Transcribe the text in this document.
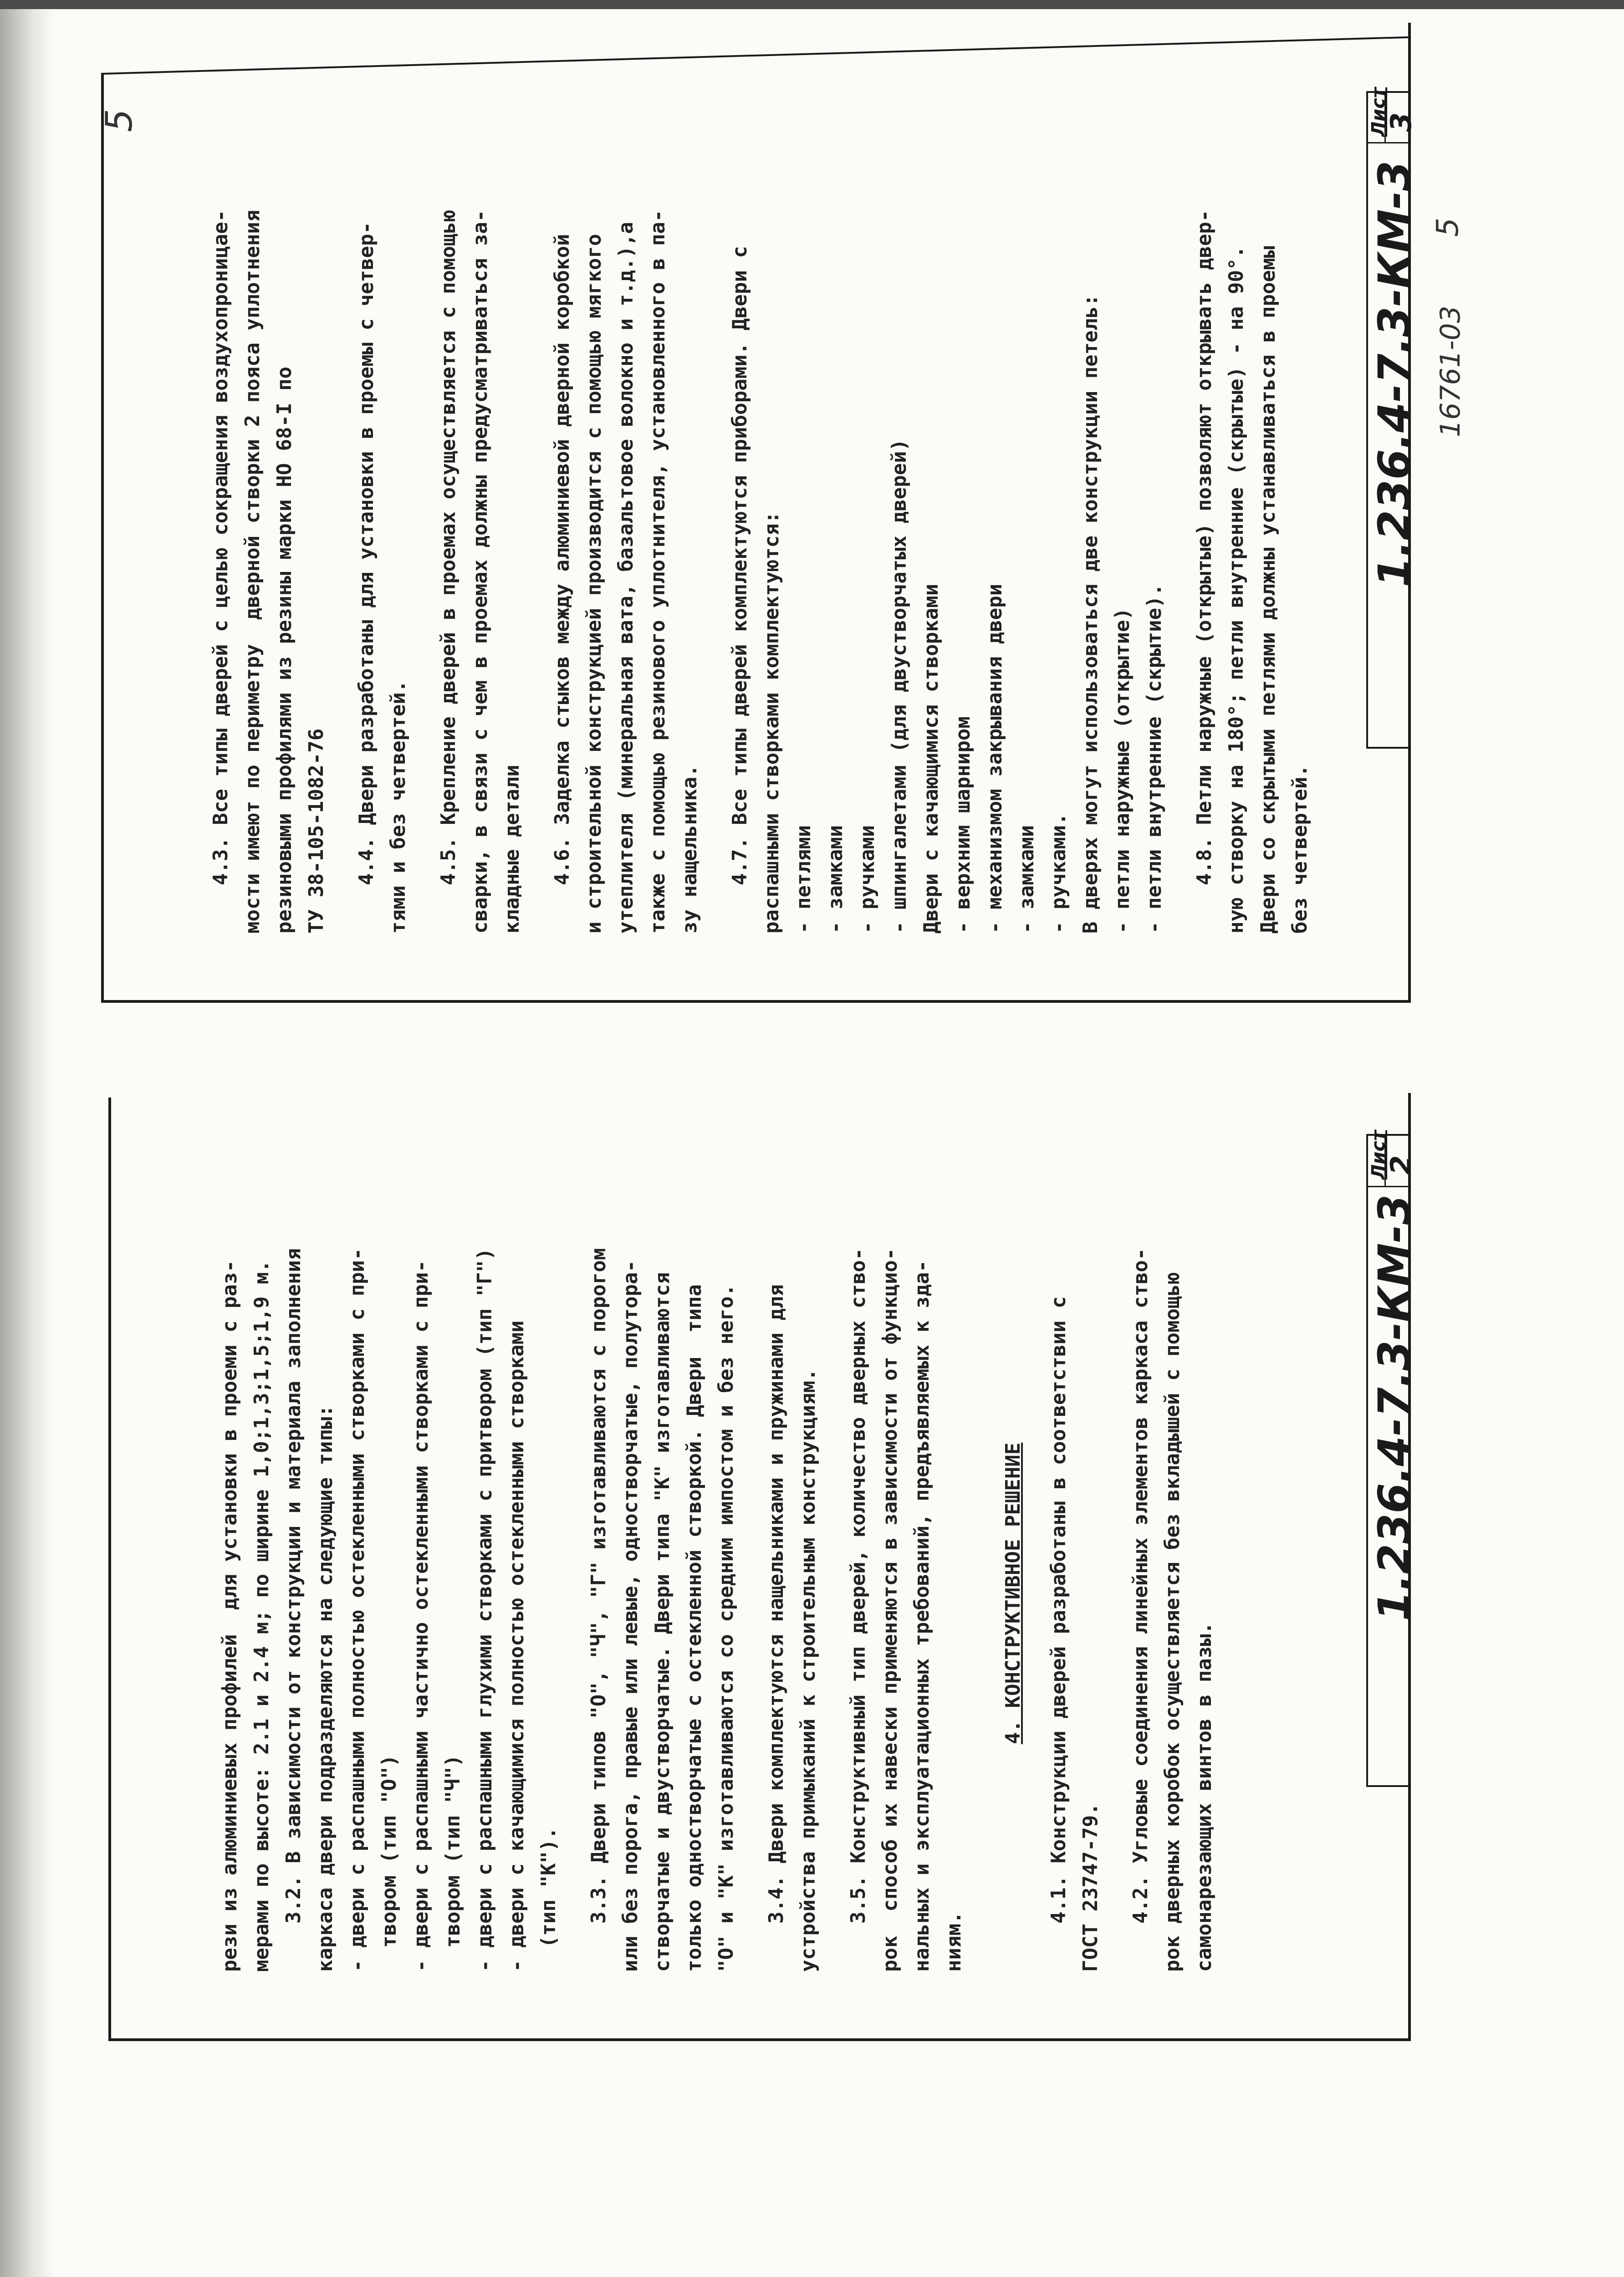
1.236.4-7.3-КМ-3
Лист
2

рези из алюминиевых профилей  для установки в проеми с раз- мерами по высоте: 2.1 и 2.4 м; по ширине 1,0;1,3;1,5;1,9 м. 3.2. В зависимости от конструкции и материала заполнения каркаса двери подразделяются на следующие типы: - двери с распашными полностью остекленными створками с при- твором (тип "О") - двери с распашными частично остекленными створками с при- твором (тип "Ч") - двери с распашными глухими створками с притвором (тип "Г") - двери с качающимися полностью остекленными створками (тип "К"). 3.3. Двери типов "О", "Ч", "Г" изготавливаются с порогом или без порога, правые или левые, одностворчатые, полутора- створчатые и двустворчатые. Двери типа "К" изготавливаются только одностворчатые с остекленной створкой. Двери  типа "О" и "К" изготавливаются со средним импостом и без него. 3.4. Двери комплектуются нащельниками и пружинами для устройства примыканий к строительным конструкциям. 3.5. Конструктивный тип дверей, количество дверных ство- рок  способ их навески применяются в зависимости от функцио- нальных и эксплуатационных требований, предъявляемых к зда- ниям.

4. КОНСТРУКТИВНОЕ РЕШЕНИЕ 4.1. Конструкции дверей разработаны в соответствии с ГОСТ 23747-79. 4.2. Угловые соединения линейных элементов каркаса ство- рок дверных коробок осуществляется без вкладышей с помощью самонарезающих винтов в пазы.

1.236.4-7.3-КМ-3
Лист
3

4.3. Все типы дверей с целью сокращения воздухопроницае- мости имеют по периметру  дверной створки 2 пояса уплотнения резиновыми профилями из резины марки НО 68-I по ТУ 38-105-1082-76 4.4. Двери разработаны для установки в проемы с четвер- тями и без четвертей. 4.5. Крепление дверей в проемах осуществляется с помощью сварки, в связи с чем в проемах должны предусматриваться за- кладные детали 4.6. Заделка стыков между алюминиевой дверной коробкой и строительной конструкцией производится с помощью мягкого утеплителя (минеральная вата, базальтовое волокно и т.д.),а также с помощью резинового уплотнителя, установленного в па- зу нащельника. 4.7. Все типы дверей комплектуются приборами. Двери с распашными створками комплектуются: - петлями - замками - ручками - шпингалетами (для двустворчатых дверей) Двери с качающимися створками - верхним шарниром - механизмом закрывания двери - замками - ручками. В дверях могут использоваться две конструкции петель: - петли наружные (открытие) - петли внутренние (скрытие). 4.8. Петли наружные (открытые) позволяют открывать двер- ную створку на 180°; петли внутренние (скрытые) - на 90°. Двери со скрытыми петлями должны устанавливаться в проемы без четвертей.

16761-03
5
5
